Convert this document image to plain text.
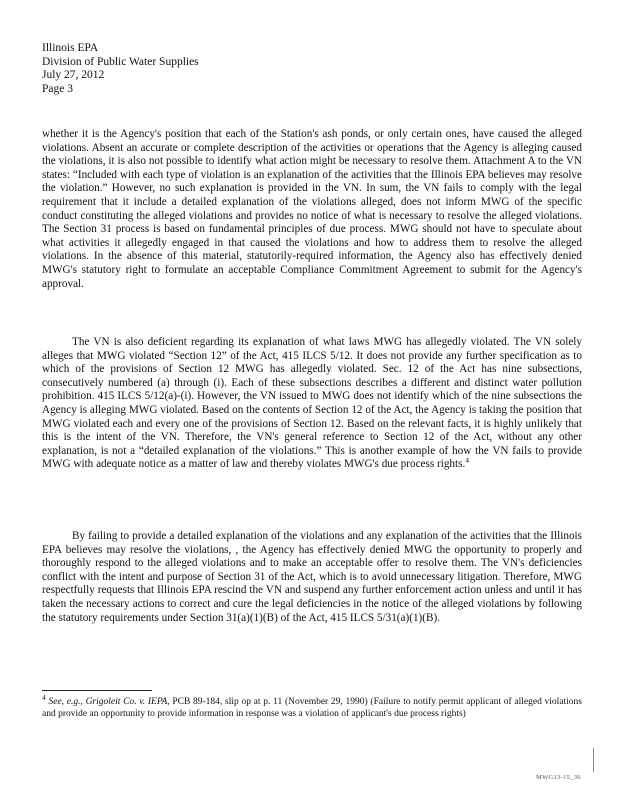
Illinois EPA
Division of Public Water Supplies
July 27, 2012
Page 3

whether it is the Agency's position that each of the Station's ash ponds, or only certain ones, have caused the alleged violations. Absent an accurate or complete description of the activities or operations that the Agency is alleging caused the violations, it is also not possible to identify what action might be necessary to resolve them. Attachment A to the VN states: “Included with each type of violation is an explanation of the activities that the Illinois EPA believes may resolve the violation.” However, no such explanation is provided in the VN. In sum, the VN fails to comply with the legal requirement that it include a detailed explanation of the violations alleged, does not inform MWG of the specific conduct constituting the alleged violations and provides no notice of what is necessary to resolve the alleged violations. The Section 31 process is based on fundamental principles of due process. MWG should not have to speculate about what activities it allegedly engaged in that caused the violations and how to address them to resolve the alleged violations. In the absence of this material, statutorily-required information, the Agency also has effectively denied MWG's statutory right to formulate an acceptable Compliance Commitment Agreement to submit for the Agency's approval.

The VN is also deficient regarding its explanation of what laws MWG has allegedly violated. The VN solely alleges that MWG violated “Section 12” of the Act, 415 ILCS 5/12. It does not provide any further specification as to which of the provisions of Section 12 MWG has allegedly violated. Sec. 12 of the Act has nine subsections, consecutively numbered (a) through (i). Each of these subsections describes a different and distinct water pollution prohibition. 415 ILCS 5/12(a)-(i). However, the VN issued to MWG does not identify which of the nine subsections the Agency is alleging MWG violated. Based on the contents of Section 12 of the Act, the Agency is taking the position that MWG violated each and every one of the provisions of Section 12. Based on the relevant facts, it is highly unlikely that this is the intent of the VN. Therefore, the VN's general reference to Section 12 of the Act, without any other explanation, is not a “detailed explanation of the violations.” This is another example of how the VN fails to provide MWG with adequate notice as a matter of law and thereby violates MWG's due process rights.$^4$

By failing to provide a detailed explanation of the violations and any explanation of the activities that the Illinois EPA believes may resolve the violations, , the Agency has effectively denied MWG the opportunity to properly and thoroughly respond to the alleged violations and to make an acceptable offer to resolve them. The VN's deficiencies conflict with the intent and purpose of Section 31 of the Act, which is to avoid unnecessary litigation. Therefore, MWG respectfully requests that Illinois EPA rescind the VN and suspend any further enforcement action unless and until it has taken the necessary actions to correct and cure the legal deficiencies in the notice of the alleged violations by following the statutory requirements under Section 31(a)(1)(B) of the Act, 415 ILCS 5/31(a)(1)(B).

$^4$ See, e.g., Grigoleit Co. v. IEPA, PCB 89-184, slip op at p. 11 (November 29, 1990) (Failure to notify permit applicant of alleged violations and provide an opportunity to provide information in response was a violation of applicant's due process rights)

MWG13-15_36
